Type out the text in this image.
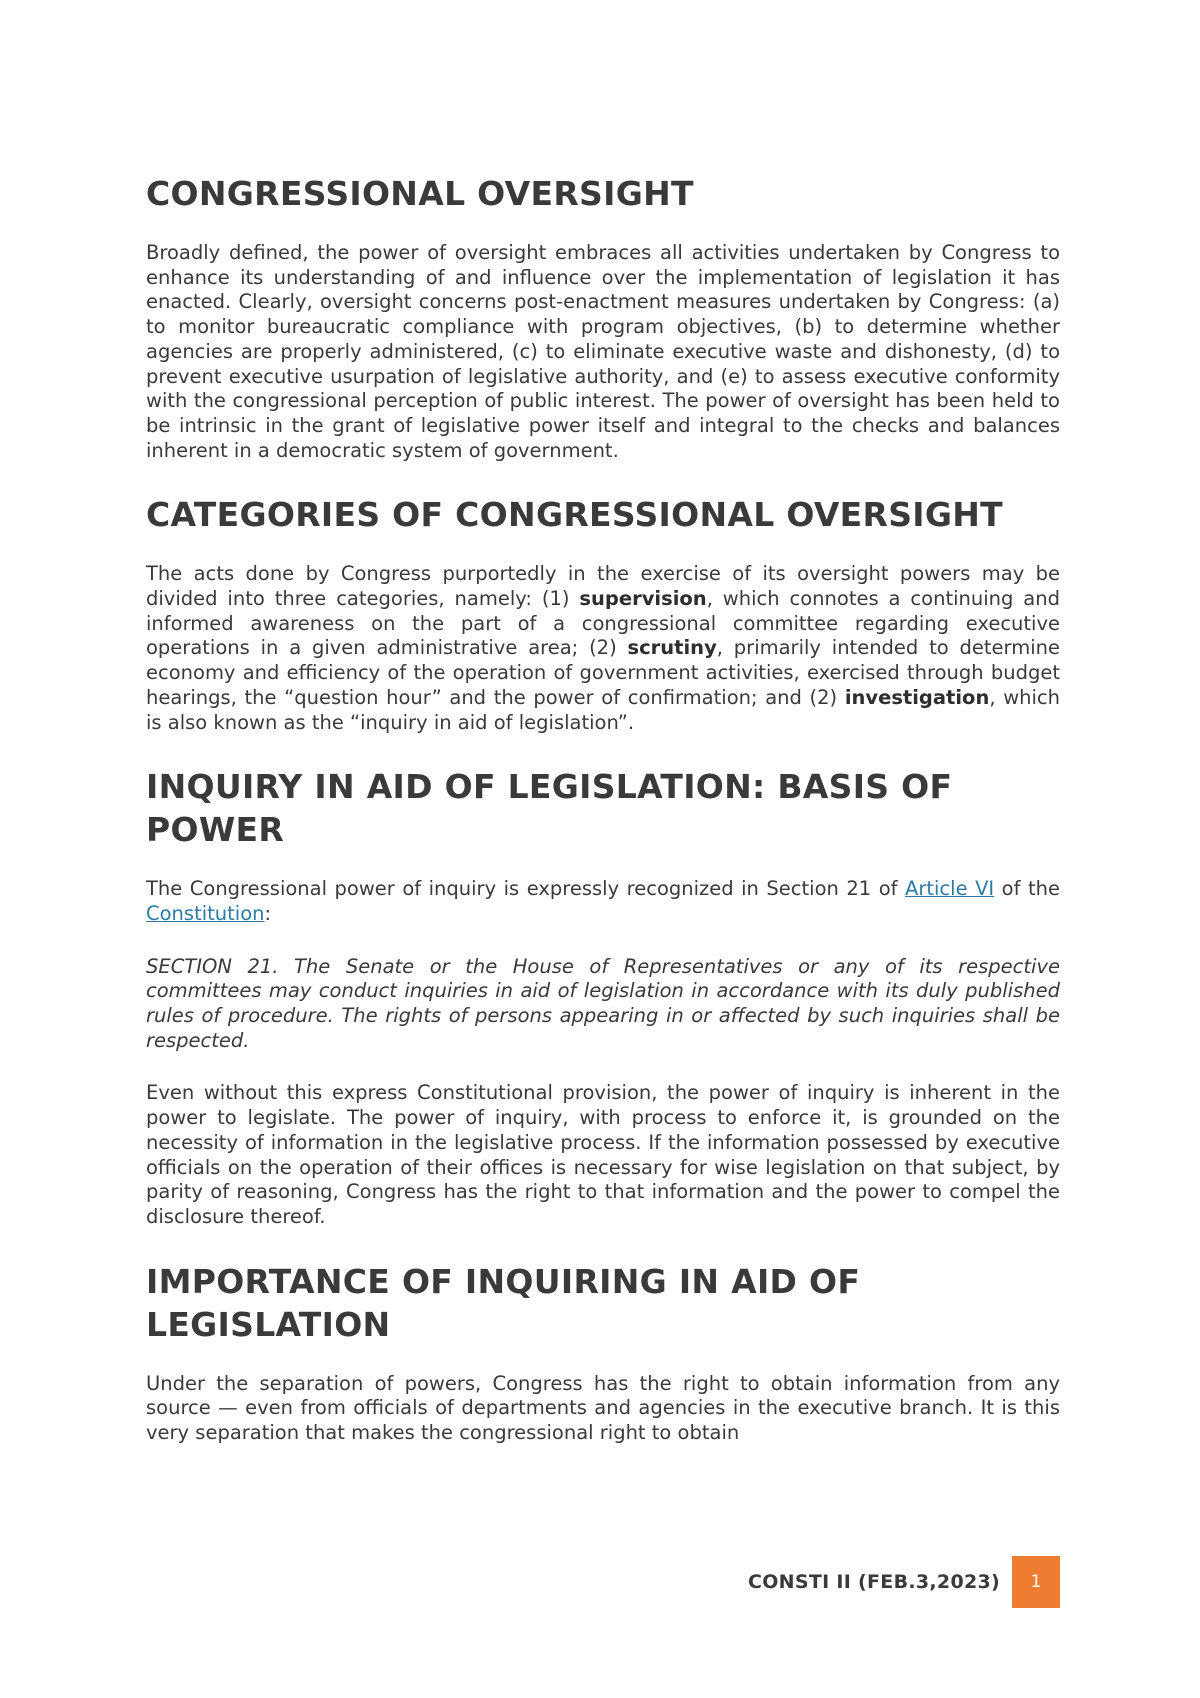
CONGRESSIONAL OVERSIGHT

Broadly defined, the power of oversight embraces all activities undertaken by Congress to enhance its understanding of and influence over the implementation of legislation it has enacted. Clearly, oversight concerns post-enactment measures undertaken by Congress: (a) to monitor bureaucratic compliance with program objectives, (b) to determine whether agencies are properly administered, (c) to eliminate executive waste and dishonesty, (d) to prevent executive usurpation of legislative authority, and (e) to assess executive conformity with the congressional perception of public interest. The power of oversight has been held to be intrinsic in the grant of legislative power itself and integral to the checks and balances inherent in a democratic system of government.

CATEGORIES OF CONGRESSIONAL OVERSIGHT

The acts done by Congress purportedly in the exercise of its oversight powers may be divided into three categories, namely: (1) supervision, which connotes a continuing and informed awareness on the part of a congressional committee regarding executive operations in a given administrative area; (2) scrutiny, primarily intended to determine economy and efficiency of the operation of government activities, exercised through budget hearings, the “question hour” and the power of confirmation; and (2) investigation, which is also known as the “inquiry in aid of legislation”.

INQUIRY IN AID OF LEGISLATION: BASIS OF POWER

The Congressional power of inquiry is expressly recognized in Section 21 of Article VI of the Constitution:

SECTION 21. The Senate or the House of Representatives or any of its respective committees may conduct inquiries in aid of legislation in accordance with its duly published rules of procedure. The rights of persons appearing in or affected by such inquiries shall be respected.

Even without this express Constitutional provision, the power of inquiry is inherent in the power to legislate. The power of inquiry, with process to enforce it, is grounded on the necessity of information in the legislative process. If the information possessed by executive officials on the operation of their offices is necessary for wise legislation on that subject, by parity of reasoning, Congress has the right to that information and the power to compel the disclosure thereof.

IMPORTANCE OF INQUIRING IN AID OF LEGISLATION

Under the separation of powers, Congress has the right to obtain information from any source — even from officials of departments and agencies in the executive branch. It is this very separation that makes the congressional right to obtain

CONSTI II (FEB.3,2023)	1
